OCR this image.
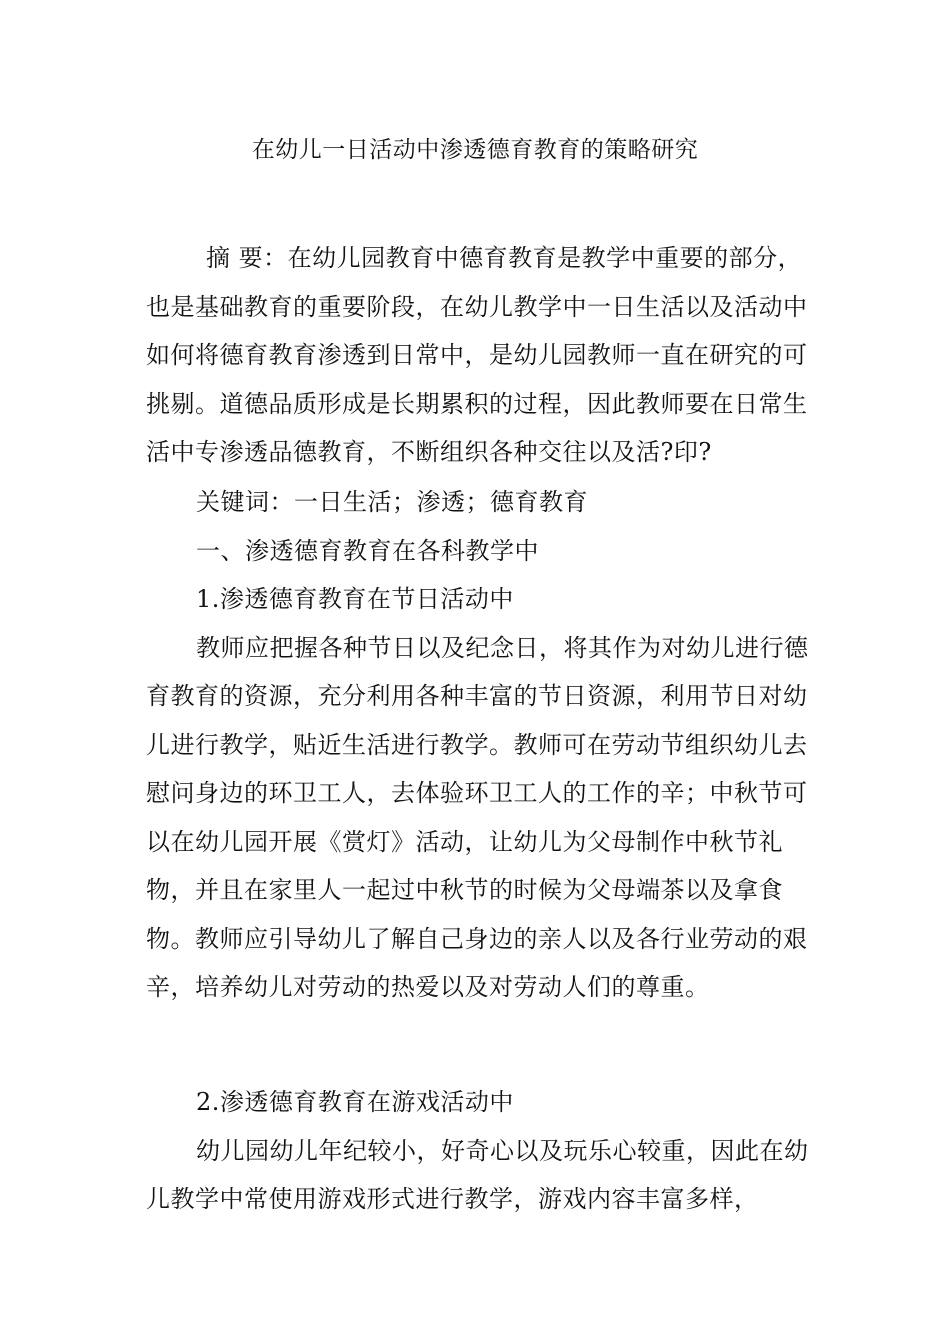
在幼儿一日活动中渗透德育教育的策略研究
摘 要：在幼儿园教育中德育教育是教学中重要的部分，也是基础教育的重要阶段，在幼儿教学中一日生活以及活动中如何将德育教育渗透到日常中，是幼儿园教师一直在研究的可挑剔。道德品质形成是长期累积的过程，因此教师要在日常生活中专渗透品德教育，不断组织各种交往以及活?印?

关键词：一日生活；渗透；德育教育

一、渗透德育教育在各科教学中

1.渗透德育教育在节日活动中

教师应把握各种节日以及纪念日，将其作为对幼儿进行德育教育的资源，充分利用各种丰富的节日资源，利用节日对幼儿进行教学，贴近生活进行教学。教师可在劳动节组织幼儿去慰问身边的环卫工人，去体验环卫工人的工作的辛；中秋节可以在幼儿园开展《赏灯》活动，让幼儿为父母制作中秋节礼物，并且在家里人一起过中秋节的时候为父母端茶以及拿食物。教师应引导幼儿了解自己身边的亲人以及各行业劳动的艰辛，培养幼儿对劳动的热爱以及对劳动人们的尊重。

2.渗透德育教育在游戏活动中

幼儿园幼儿年纪较小，好奇心以及玩乐心较重，因此在幼儿教学中常使用游戏形式进行教学，游戏内容丰富多样，
